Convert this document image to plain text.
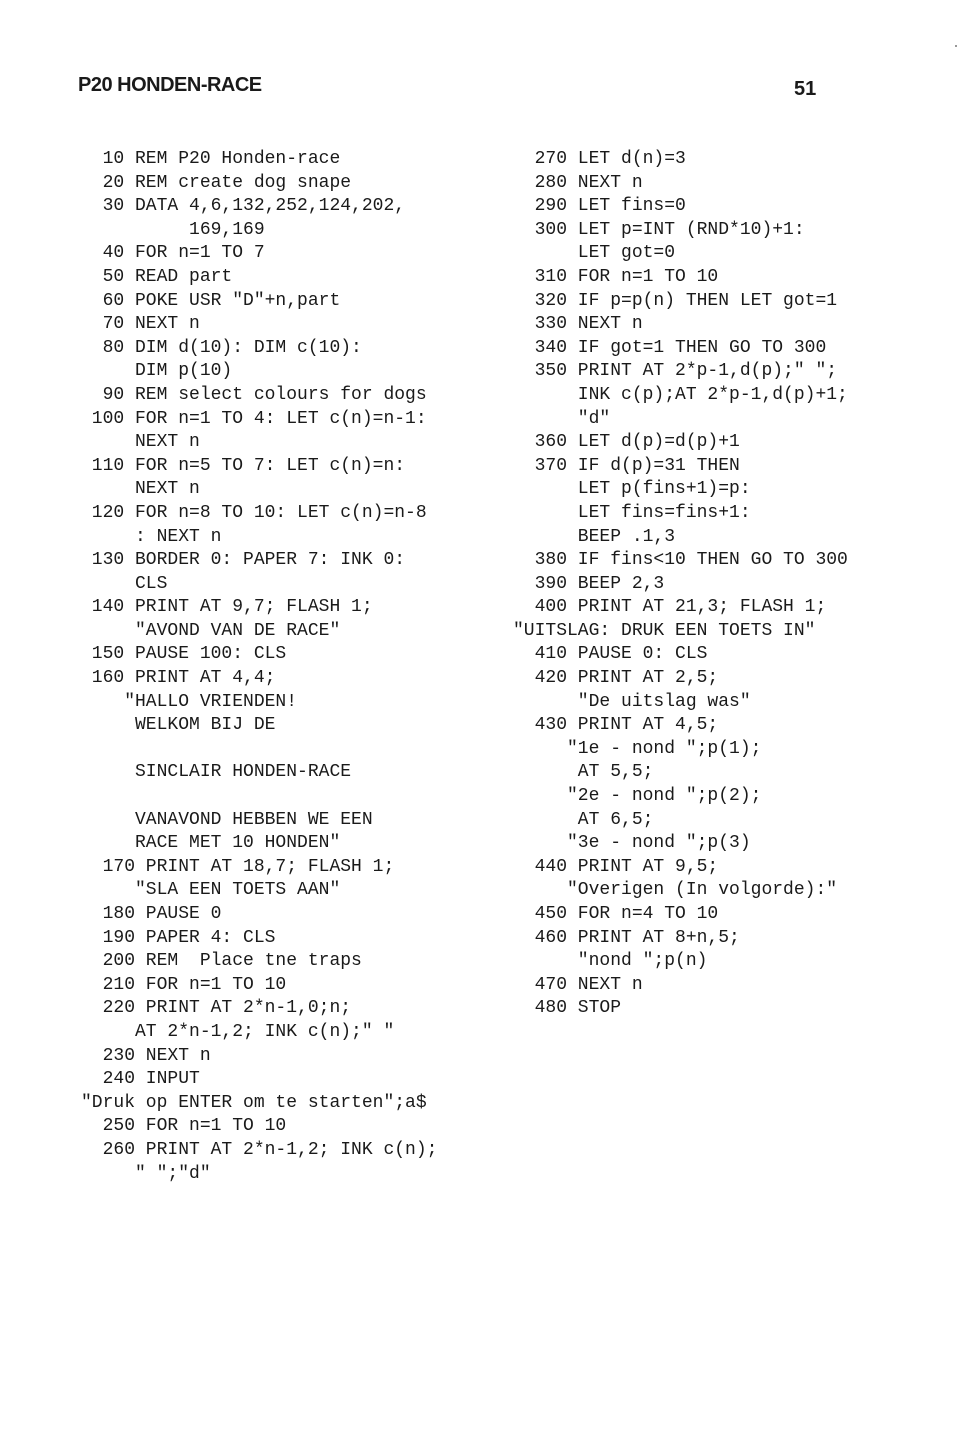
P20 HONDEN-RACE	51
10 REM P20 Honden-race
20 REM create dog snape
30 DATA 4,6,132,252,124,202,
169,169
40 FOR n=1 TO 7
50 READ part
60 POKE USR "D"+n,part
70 NEXT n
80 DIM d(10): DIM c(10):
DIM p(10)
90 REM select colours for dogs
100 FOR n=1 TO 4: LET c(n)=n-1:
NEXT n
110 FOR n=5 TO 7: LET c(n)=n:
NEXT n
120 FOR n=8 TO 10: LET c(n)=n-8
: NEXT n
130 BORDER 0: PAPER 7: INK 0:
CLS
140 PRINT AT 9,7; FLASH 1;
"AVOND VAN DE RACE"
150 PAUSE 100: CLS
160 PRINT AT 4,4;
"HALLO VRIENDEN!
WELKOM BIJ DE
SINCLAIR HONDEN-RACE
VANAVOND HEBBEN WE EEN
RACE MET 10 HONDEN"
170 PRINT AT 18,7; FLASH 1;
"SLA EEN TOETS AAN"
180 PAUSE 0
190 PAPER 4: CLS
200 REM  Place tne traps
210 FOR n=1 TO 10
220 PRINT AT 2*n-1,0;n;
AT 2*n-1,2; INK c(n);" "
230 NEXT n
240 INPUT
"Druk op ENTER om te starten";a$
250 FOR n=1 TO 10
260 PRINT AT 2*n-1,2; INK c(n);
" ";"d"
270 LET d(n)=3
280 NEXT n
290 LET fins=0
300 LET p=INT (RND*10)+1:
LET got=0
310 FOR n=1 TO 10
320 IF p=p(n) THEN LET got=1
330 NEXT n
340 IF got=1 THEN GO TO 300
350 PRINT AT 2*p-1,d(p);" ";
INK c(p);AT 2*p-1,d(p)+1;
"d"
360 LET d(p)=d(p)+1
370 IF d(p)=31 THEN
LET p(fins+1)=p:
LET fins=fins+1:
BEEP .1,3
380 IF fins<10 THEN GO TO 300
390 BEEP 2,3
400 PRINT AT 21,3; FLASH 1;
"UITSLAG: DRUK EEN TOETS IN"
410 PAUSE 0: CLS
420 PRINT AT 2,5;
"De uitslag was"
430 PRINT AT 4,5;
"1e - nond ";p(1);
AT 5,5;
"2e - nond ";p(2);
AT 6,5;
"3e - nond ";p(3)
440 PRINT AT 9,5;
"Overigen (In volgorde):"
450 FOR n=4 TO 10
460 PRINT AT 8+n,5;
"nond ";p(n)
470 NEXT n
480 STOP
